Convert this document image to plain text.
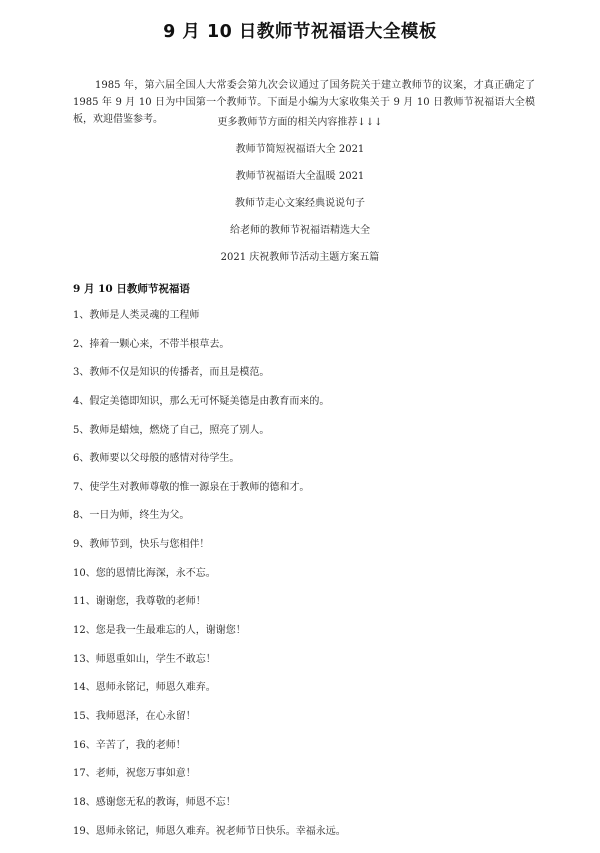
9 月 10 日教师节祝福语大全模板

1985 年，第六届全国人大常委会第九次会议通过了国务院关于建立教师节的议案，才真正确定了 1985 年 9 月 10 日为中国第一个教师节。下面是小编为大家收集关于 9 月 10 日教师节祝福语大全模板，欢迎借鉴参考。	更多教师节方面的相关内容推荐↓↓↓
教师节简短祝福语大全 2021
教师节祝福语大全温暖 2021
教师节走心文案经典说说句子
给老师的教师节祝福语精选大全
2021 庆祝教师节活动主题方案五篇
9 月 10 日教师节祝福语
1、教师是人类灵魂的工程师
2、捧着一颗心来，不带半根草去。
3、教师不仅是知识的传播者，而且是模范。
4、假定美德即知识，那么无可怀疑美德是由教育而来的。
5、教师是蜡烛，燃烧了自己，照亮了别人。
6、教师要以父母般的感情对待学生。
7、使学生对教师尊敬的惟一源泉在于教师的德和才。
8、一日为师，终生为父。
9、教师节到，快乐与您相伴！
10、您的恩情比海深，永不忘。
11、谢谢您，我尊敬的老师！
12、您是我一生最难忘的人，谢谢您！
13、师恩重如山，学生不敢忘！
14、恩师永铭记，师恩久难弃。
15、我师恩泽，在心永留！
16、辛苦了，我的老师！
17、老师，祝您万事如意！
18、感谢您无私的教诲，师恩不忘！
19、恩师永铭记，师恩久难弃。祝老师节日快乐。幸福永远。
